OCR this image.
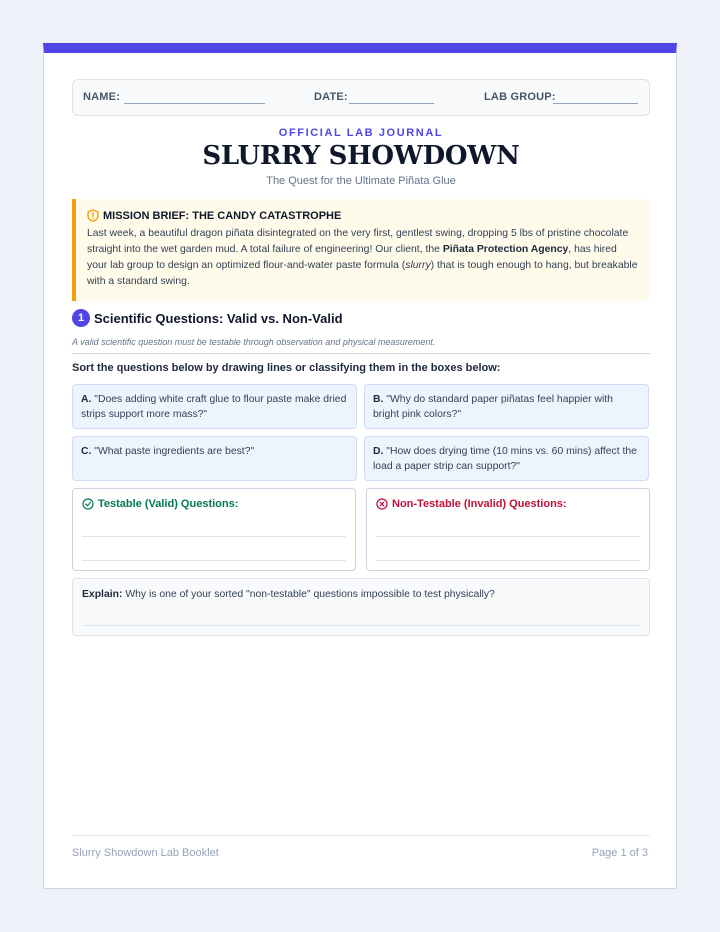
NAME:	DATE:	LAB GROUP:
OFFICIAL LAB JOURNAL
SLURRY SHOWDOWN
The Quest for the Ultimate Piñata Glue
MISSION BRIEF: THE CANDY CATASTROPHE
Last week, a beautiful dragon piñata disintegrated on the very first, gentlest swing, dropping 5 lbs of pristine chocolate straight into the wet garden mud. A total failure of engineering! Our client, the Piñata Protection Agency, has hired your lab group to design an optimized flour-and-water paste formula (slurry) that is tough enough to hang, but breakable with a standard swing.
1 Scientific Questions: Valid vs. Non-Valid
A valid scientific question must be testable through observation and physical measurement.
Sort the questions below by drawing lines or classifying them in the boxes below:
A. "Does adding white craft glue to flour paste make dried strips support more mass?"
B. "Why do standard paper piñatas feel happier with bright pink colors?"
C. "What paste ingredients are best?"	D. "How does drying time (10 mins vs. 60 mins) affect the load a paper strip can support?"
Testable (Valid) Questions:	Non-Testable (Invalid) Questions:
Explain: Why is one of your sorted "non-testable" questions impossible to test physically?
Slurry Showdown Lab Booklet	Page 1 of 3
